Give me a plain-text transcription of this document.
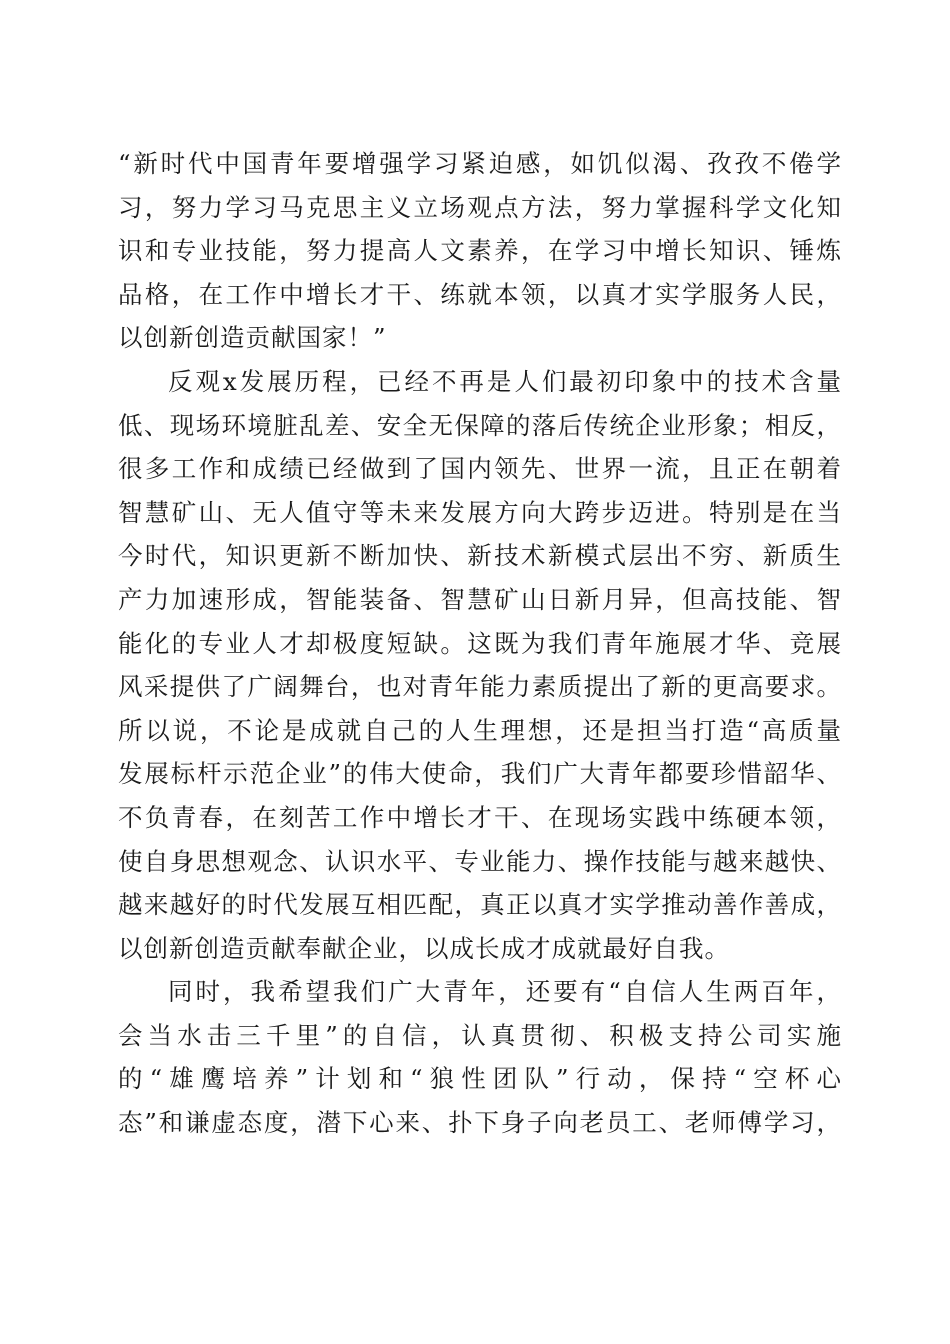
“新时代中国青年要增强学习紧迫感，如饥似渴、孜孜不倦学
习，努力学习马克思主义立场观点方法，努力掌握科学文化知
识和专业技能，努力提高人文素养，在学习中增长知识、锤炼
品格，在工作中增长才干、练就本领，以真才实学服务人民，
以创新创造贡献国家！”
反观x发展历程，已经不再是人们最初印象中的技术含量
低、现场环境脏乱差、安全无保障的落后传统企业形象；相反，
很多工作和成绩已经做到了国内领先、世界一流，且正在朝着
智慧矿山、无人值守等未来发展方向大跨步迈进。特别是在当
今时代，知识更新不断加快、新技术新模式层出不穷、新质生
产力加速形成，智能装备、智慧矿山日新月异，但高技能、智
能化的专业人才却极度短缺。这既为我们青年施展才华、竞展
风采提供了广阔舞台，也对青年能力素质提出了新的更高要求。
所以说，不论是成就自己的人生理想，还是担当打造“高质量
发展标杆示范企业”的伟大使命，我们广大青年都要珍惜韶华、
不负青春，在刻苦工作中增长才干、在现场实践中练硬本领，
使自身思想观念、认识水平、专业能力、操作技能与越来越快、
越来越好的时代发展互相匹配，真正以真才实学推动善作善成，
以创新创造贡献奉献企业，以成长成才成就最好自我。
同时，我希望我们广大青年，还要有“自信人生两百年，
会当水击三千里”的自信，认真贯彻、积极支持公司实施
的“雄鹰培养”计划和“狼性团队”行动，保持“空杯心
态”和谦虚态度，潜下心来、扑下身子向老员工、老师傅学习，
